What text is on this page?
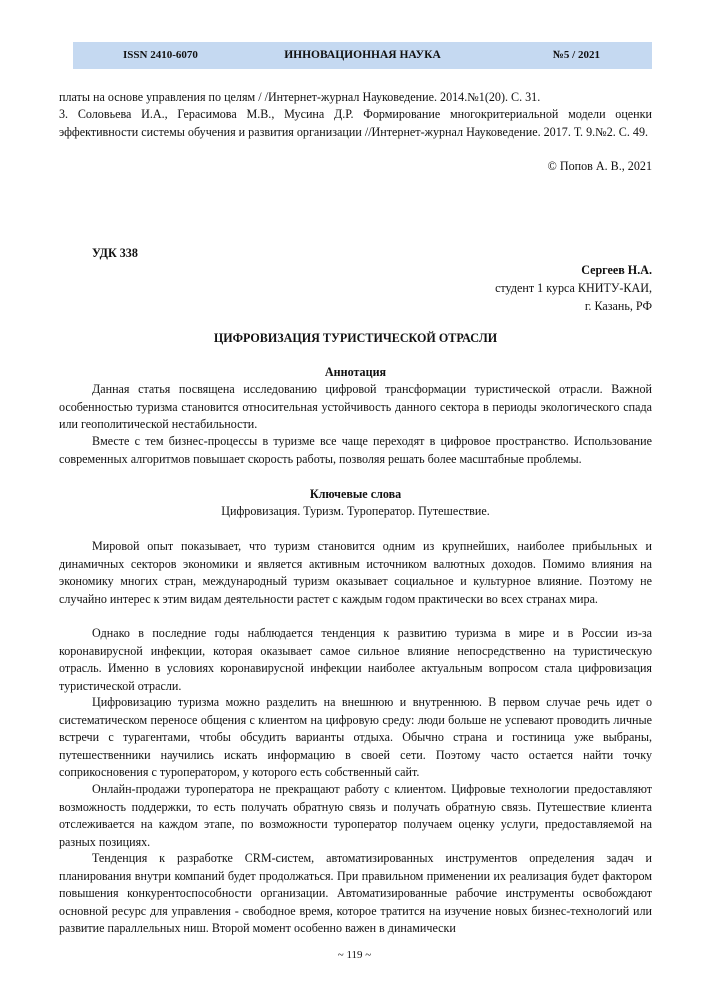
ИННОВАЦИОННАЯ НАУКА
ISSN 2410-6070	№5 / 2021

платы на основе управления по целям / /Интернет-журнал Науковедение. 2014.№1(20). С. 31.

3. Соловьева И.А., Герасимова М.В., Мусина Д.Р. Формирование многокритериальной модели оценки эффективности системы обучения и развития организации //Интернет-журнал Науковедение. 2017. Т. 9.№2. С. 49.

© Попов А. В., 2021

УДК 338

Сергеев Н.А.

студент 1 курса КНИТУ-КАИ,

г. Казань, РФ

ЦИФРОВИЗАЦИЯ ТУРИСТИЧЕСКОЙ ОТРАСЛИ

Аннотация

Данная статья посвящена исследованию цифровой трансформации туристической отрасли. Важной особенностью туризма становится относительная устойчивость данного сектора в периоды экологического спада или геополитической нестабильности.

Вместе с тем бизнес-процессы в туризме все чаще переходят в цифровое пространство. Использование современных алгоритмов повышает скорость работы, позволяя решать более масштабные проблемы.

Ключевые слова

Цифровизация. Туризм. Туроператор. Путешествие.

Мировой опыт показывает, что туризм становится одним из крупнейших, наиболее прибыльных и динамичных секторов экономики и является активным источником валютных доходов. Помимо влияния на экономику многих стран, международный туризм оказывает социальное и культурное влияние. Поэтому не случайно интерес к этим видам деятельности растет с каждым годом практически во всех странах мира.

Однако в последние годы наблюдается тенденция к развитию туризма в мире и в России из-за коронавирусной инфекции, которая оказывает самое сильное влияние непосредственно на туристическую отрасль. Именно в условиях коронавирусной инфекции наиболее актуальным вопросом стала цифровизация туристической отрасли.

Цифровизацию туризма можно разделить на внешнюю и внутреннюю. В первом случае речь идет о систематическом переносе общения с клиентом на цифровую среду: люди больше не успевают проводить личные встречи с турагентами, чтобы обсудить варианты отдыха. Обычно страна и гостиница уже выбраны, путешественники научились искать информацию в своей сети. Поэтому часто остается найти точку соприкосновения с туроператором, у которого есть собственный сайт.

Онлайн-продажи туроператора не прекращают работу с клиентом. Цифровые технологии предоставляют возможность поддержки, то есть получать обратную связь и получать обратную связь. Путешествие клиента отслеживается на каждом этапе, по возможности туроператор получаем оценку услуги, предоставляемой на разных позициях.

Тенденция к разработке CRM-систем, автоматизированных инструментов определения задач и планирования внутри компаний будет продолжаться. При правильном применении их реализация будет фактором повышения конкурентоспособности организации. Автоматизированные рабочие инструменты освобождают основной ресурс для управления - свободное время, которое тратится на изучение новых бизнес-технологий или развитие параллельных ниш. Второй момент особенно важен в динамически

~ 119 ~
